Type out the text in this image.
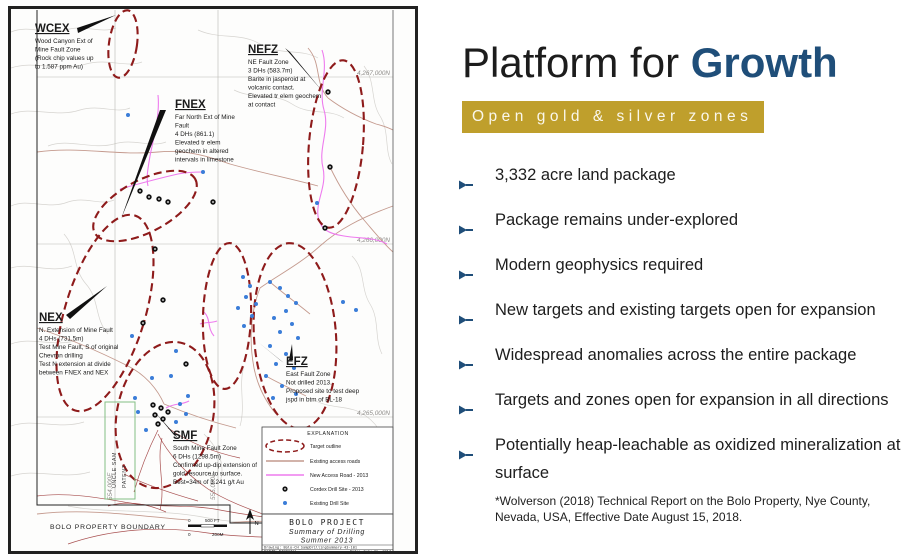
4,267,000N
4,266,000N
4,265,000N
554,000E	555,000E
UNCLE SAM PATENT
WCEX
Wood Canyon Ext of
Mine Fault Zone
(Rock chip values up
to 1.587 ppm Au)
NEFZ
NE Fault Zone
3 DHs (583.7m)
Barite in jasperoid at
volcanic contact.
Elevated tr elem geochem
at contact
FNEX
Far North Ext of Mine
Fault
4 DHs (861.1)
Elevated tr elem
geochem in altered
intervals in limestone
NEX
N. Extension of Mine Fault
4 DHs (731.5m)
Test Mine Fault, S of original
Chevron drilling
Test N extension at divide
between FNEX and NEX
EFZ
East Fault Zone
Not drilled 2013.
Proposed site to test deep
jspd in btm of BL-18
SMF
South Mine Fault Zone
6 DHs (1298.5m)
Confirmed up-dip extension of
gold resource to surface.
Best=34m of 3.241 g/t Au
BOLO PROPERTY BOUNDARY
0	500 FT
0	200M
N
EXPLANATION
Target outline
Existing access roads
New Access Road - 2013
Cordex Drill Site - 2013
Existing Drill Site
BOLO PROJECT
Summary of Drilling
Summer 2013
Drawing: Bolo-CH_SampDrillingSummary-43-101
DATUM: NAD83Z11	Date: July 31, 2017
Platform for Growth
Open gold & silver zones
3,332 acre land package
Package remains under-explored
Modern geophysics required
New targets and existing targets open for expansion
Widespread anomalies across the entire package
Targets and zones open for expansion in all directions
Potentially heap-leachable as oxidized mineralization at surface

*Wolverson (2018) Technical Report on the Bolo Property, Nye County, Nevada, USA, Effective Date August 15, 2018.
